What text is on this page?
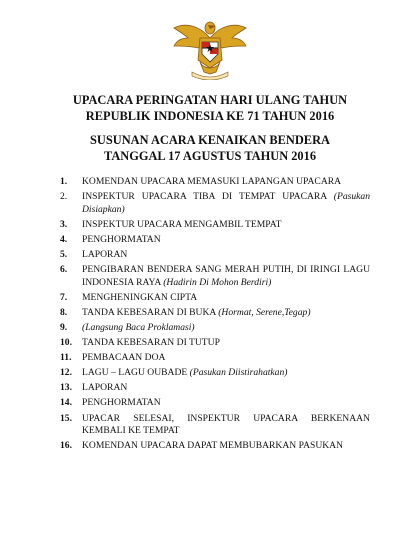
UPACARA PERINGATAN HARI ULANG TAHUN
REPUBLIK INDONESIA KE 71 TAHUN 2016
SUSUNAN ACARA KENAIKAN BENDERA
TANGGAL 17 AGUSTUS TAHUN 2016
1. KOMENDAN UPACARA MEMASUKI LAPANGAN UPACARA
2. INSPEKTUR UPACARA TIBA DI TEMPAT UPACARA (Pasukan Disiapkan)
3. INSPEKTUR UPACARA MENGAMBIL TEMPAT
4. PENGHORMATAN
5. LAPORAN
6. PENGIBARAN BENDERA SANG MERAH PUTIH, DI IRINGI LAGU INDONESIA RAYA (Hadirin Di Mohon Berdiri)
7. MENGHENINGKAN CIPTA
8. TANDA KEBESARAN DI BUKA (Hormat, Serene,Tegap)
9. (Langsung Baca Proklamasi)
10. TANDA KEBESARAN DI TUTUP
11. PEMBACAAN DOA
12. LAGU – LAGU OUBADE (Pasukan Diistirahatkan)
13. LAPORAN
14. PENGHORMATAN
15. UPACAR SELESAI, INSPEKTUR UPACARA BERKENAAN KEMBALI KE TEMPAT
16. KOMENDAN UPACARA DAPAT MEMBUBARKAN PASUKAN
